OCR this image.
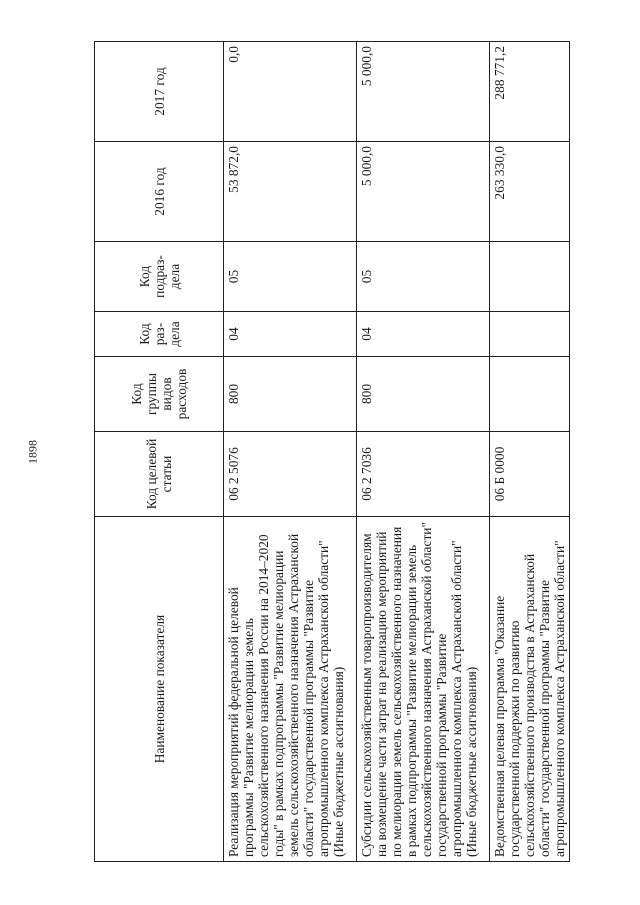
1898
Наименование показателя	Код целевой статьи	Код группы видов расходов	Код раз-дела	Код подраз-дела	2016 год	2017 год
Реализация мероприятий федеральной целевой программы "Развитие мелиорации земель сельскохозяйственного назначения России на 2014–2020 годы" в рамках подпрограммы "Развитие мелиорации земель сельскохозяйственного назначения Астраханской области" государственной программы "Развитие агропромышленного комплекса Астраханской области" (Иные бюджетные ассигнования)	06 2 5076	800	04	05	53 872,0	0,0
Субсидии сельскохозяйственным товаропроизводителям на возмещение части затрат на реализацию мероприятий по мелиорации земель сельскохозяйственного назначения в рамках подпрограммы "Развитие мелиорации земель сельскохозяйственного назначения Астраханской области" государственной программы "Развитие агропромышленного комплекса Астраханской области" (Иные бюджетные ассигнования)	06 2 7036	800	04	05	5 000,0	5 000,0
Ведомственная целевая программа "Оказание государственной поддержки по развитию сельскохозяйственного производства в Астраханской области" государственной программы "Развитие агропромышленного комплекса Астраханской области"	06 Б 0000				263 330,0	288 771,2
